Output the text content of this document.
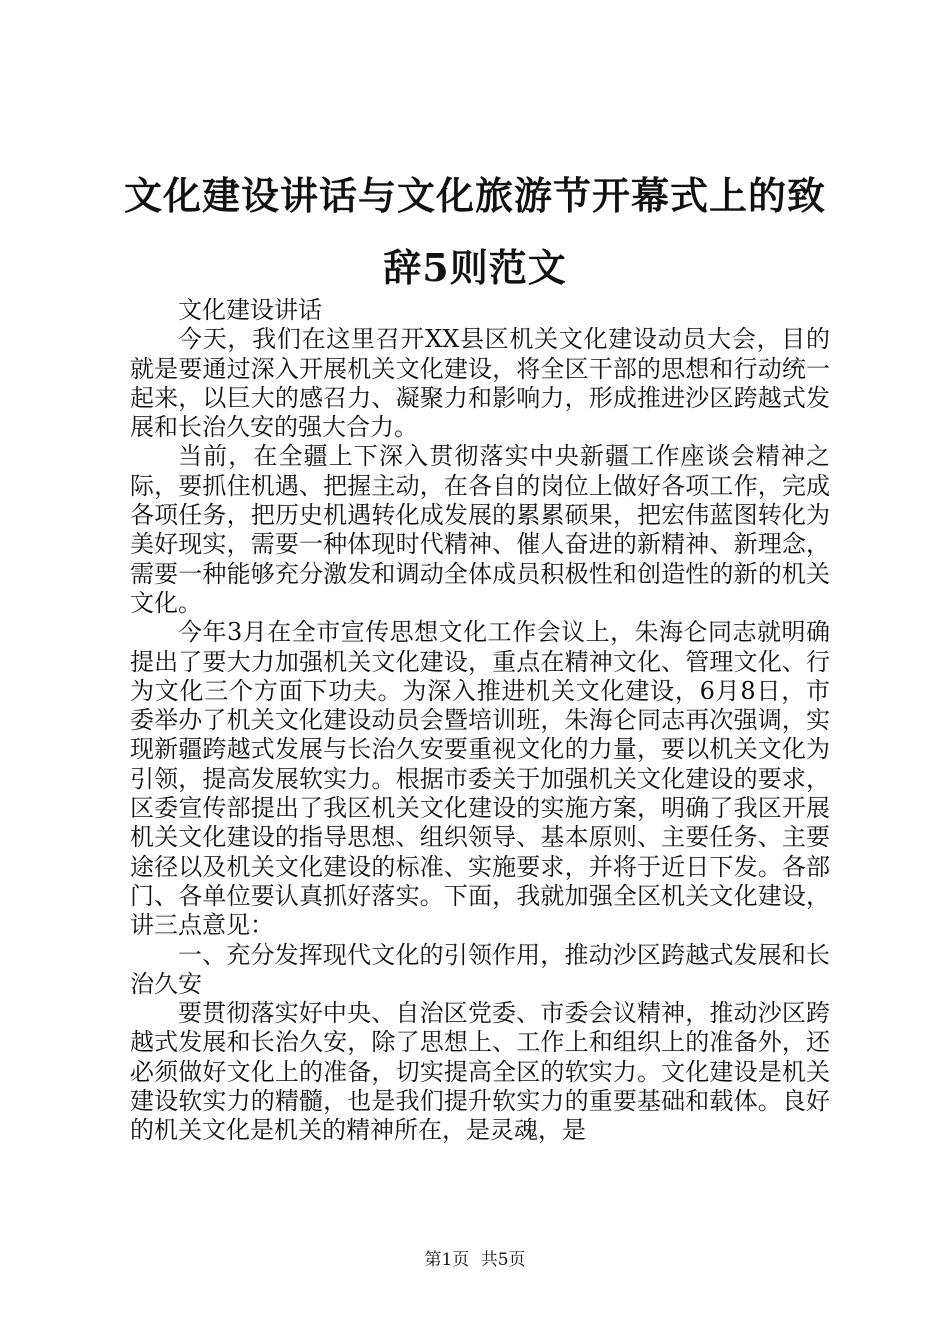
文化建设讲话与文化旅游节开幕式上的致辞5则范文

文化建设讲话

今天，我们在这里召开XX县区机关文化建设动员大会，目的就是要通过深入开展机关文化建设，将全区干部的思想和行动统一起来，以巨大的感召力、凝聚力和影响力，形成推进沙区跨越式发展和长治久安的强大合力。

当前，在全疆上下深入贯彻落实中央新疆工作座谈会精神之际，要抓住机遇、把握主动，在各自的岗位上做好各项工作，完成各项任务，把历史机遇转化成发展的累累硕果，把宏伟蓝图转化为美好现实，需要一种体现时代精神、催人奋进的新精神、新理念，需要一种能够充分激发和调动全体成员积极性和创造性的新的机关文化。

今年3月在全市宣传思想文化工作会议上，朱海仑同志就明确提出了要大力加强机关文化建设，重点在精神文化、管理文化、行为文化三个方面下功夫。为深入推进机关文化建设，6月8日，市委举办了机关文化建设动员会暨培训班，朱海仑同志再次强调，实现新疆跨越式发展与长治久安要重视文化的力量，要以机关文化为引领，提高发展软实力。根据市委关于加强机关文化建设的要求，区委宣传部提出了我区机关文化建设的实施方案，明确了我区开展机关文化建设的指导思想、组织领导、基本原则、主要任务、主要途径以及机关文化建设的标准、实施要求，并将于近日下发。各部门、各单位要认真抓好落实。下面，我就加强全区机关文化建设，讲三点意见：

一、充分发挥现代文化的引领作用，推动沙区跨越式发展和长治久安

要贯彻落实好中央、自治区党委、市委会议精神，推动沙区跨越式发展和长治久安，除了思想上、工作上和组织上的准备外，还必须做好文化上的准备，切实提高全区的软实力。文化建设是机关建设软实力的精髓，也是我们提升软实力的重要基础和载体。良好的机关文化是机关的精神所在，是灵魂，是

第1页 共5页
